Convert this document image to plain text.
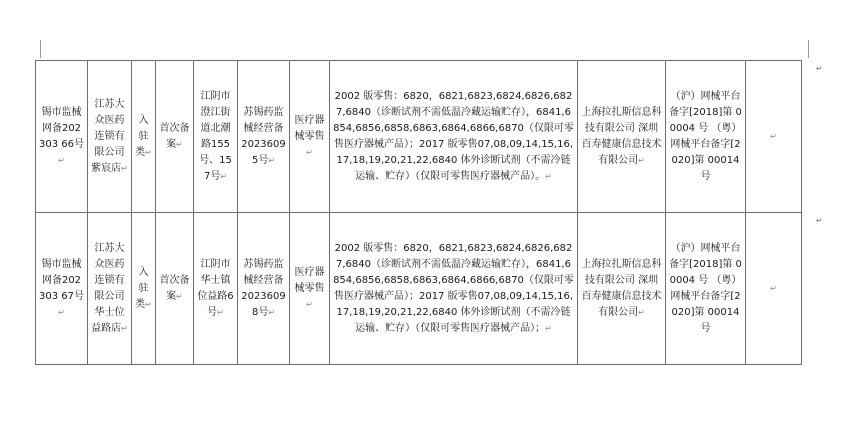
锡市监械网备202303 66号↵	江苏大众医药连锁有限公司紫宸店↵	入驻类↵	首次备案↵	江阴市澄江街道北潮路155号、157号↵	苏锡药监械经营备2023609 5号↵	医疗器械零售↵	2002 版零售：6820，6821,6823,6824,6826,6827,6840（诊断试剂不需低温冷藏运输贮存），6841,6854,6856,6858,6863,6864,6866,6870（仅限可零售医疗器械产品）；2017 版零售07,08,09,14,15,16,17,18,19,20,21,22,6840 体外诊断试剂（不需冷链运输、贮存）（仅限可零售医疗器械产品）。↵	上海拉扎斯信息科技有限公司 深圳百寿健康信息技术有限公司↵	（沪）网械平台备字[2018]第 00004 号 （粤）网械平台备字[2020]第 00014 号	↵
锡市监械网备202303 67号↵	江苏大众医药连锁有限公司华士位益路店↵	入驻类↵	首次备案↵	江阴市华士镇位益路6号↵	苏锡药监械经营备2023609 8号↵	医疗器械零售↵	2002 版零售：6820，6821,6823,6824,6826,6827,6840（诊断试剂不需低温冷藏运输贮存），6841,6854,6856,6858,6863,6864,6866,6870（仅限可零售医疗器械产品）；2017 版零售07,08,09,14,15,16,17,18,19,20,21,22,6840 体外诊断试剂（不需冷链运输、贮存）（仅限可零售医疗器械产品）；↵	上海拉扎斯信息科技有限公司 深圳百寿健康信息技术有限公司↵	（沪）网械平台备字[2018]第 00004 号 （粤）网械平台备字[2020]第 00014 号	↵
↵
↵
